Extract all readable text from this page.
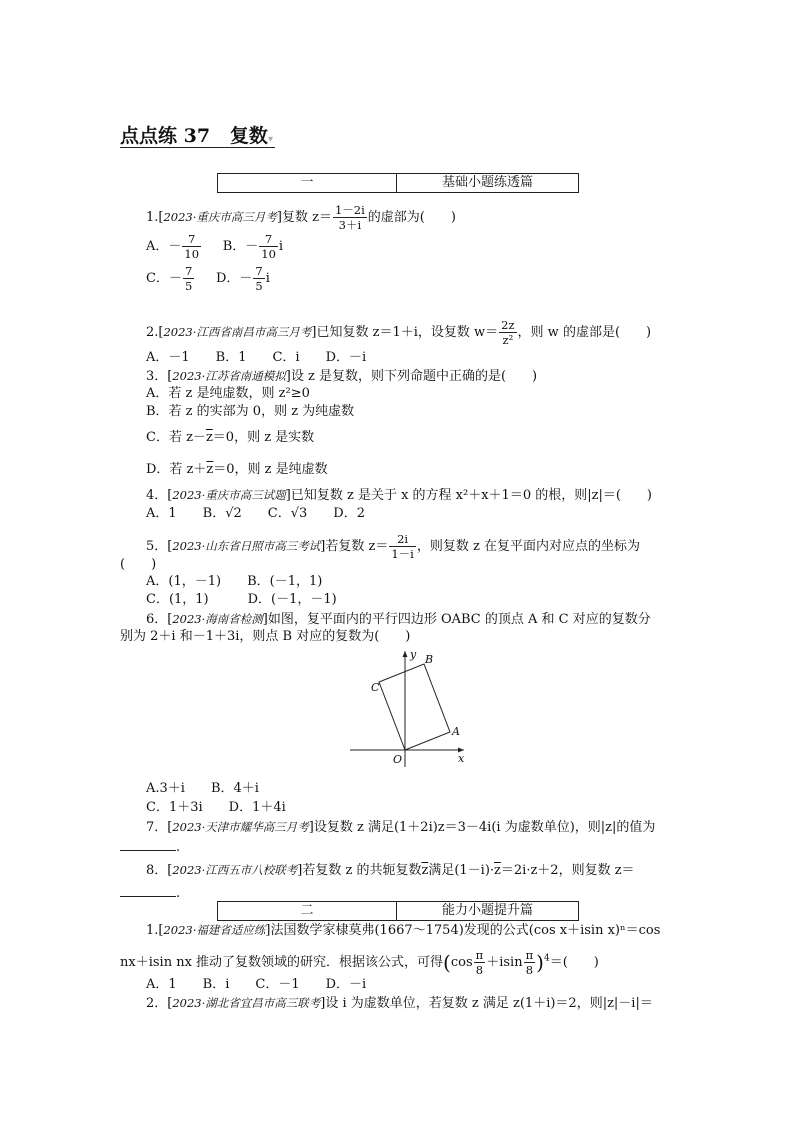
点点练 37 复数▾
一	基础小题练透篇
1.[2023·重庆市高三月考]复数 $z= \frac{1-2i}{3+i}$ 的虚部为(　　)
A．－ $\frac{7}{10}$ B．－ $\frac{7}{10}$ i
C．－ $\frac{7}{5}$ D．－ $\frac{7}{5}$ i
2.[2023·江西省南昌市高三月考]已知复数 z＝1＋i，设复数 $w= \frac{2z}{\text{z²}}$ ，则 w 的虚部是(　　)
A．－1　　B．1　　C．i　　D．－i
3．[2023·江苏省南通模拟]设 z 是复数，则下列命题中正确的是(　　)
A．若 z 是纯虚数，则 z²≥0
B．若 z 的实部为 0，则 z 为纯虚数
C．若 $z-\overline{z}=0$，则 z 是实数
D．若 $z+\overline{z}=0$，则 z 是纯虚数
4．[2023·重庆市高三试题]已知复数 z 是关于 x 的方程 x²＋x＋1＝0 的根，则|z|＝(　　)
A．1　　B．√2　　C．√3　　D．2
5．[2023·山东省日照市高三考试]若复数 $z= \frac{2i}{1-i}$ ，则复数 z 在复平面内对应点的坐标为
(　　)
A．(1，－1)　　B．(－1，1)
C．(1，1)　　　D．(－1，－1)
6．[2023·海南省检测]如图，复平面内的平行四边形 OABC 的顶点 A 和 C 对应的复数分
别为 2＋i 和－1＋3i，则点 B 对应的复数为(　　)
y
x
O
A
B
C
A.3＋i　　B．4＋i
C．1＋3i　　D．1＋4i
7．[2023·天津市耀华高三月考]设复数 z 满足(1＋2i)z＝3－4i(i 为虚数单位)，则|z|的值为
.
8．[2023·江西五市八校联考]若复数 z 的共轭复数$\overline{z}$满足$(1-i)\cdot\overline{z}=2i\cdot z+2$，则复数 z＝
.
二	能力小题提升篇
1.[2023·福建省适应练]法国数学家棣莫弗(1667～1754)发现的公式(cos x＋isin x)ⁿ＝cos
nx＋isin nx 推动了复数领域的研究．根据该公式，可得$(\cos \frac{\pi}{8} +isin \frac{\pi}{8} )^4=$(　　)
A．1　　B．i　　C．－1　　D．－i
2．[2023·湖北省宜昌市高三联考]设 i 为虚数单位，若复数 z 满足 z(1＋i)＝2，则|z|－i|＝
